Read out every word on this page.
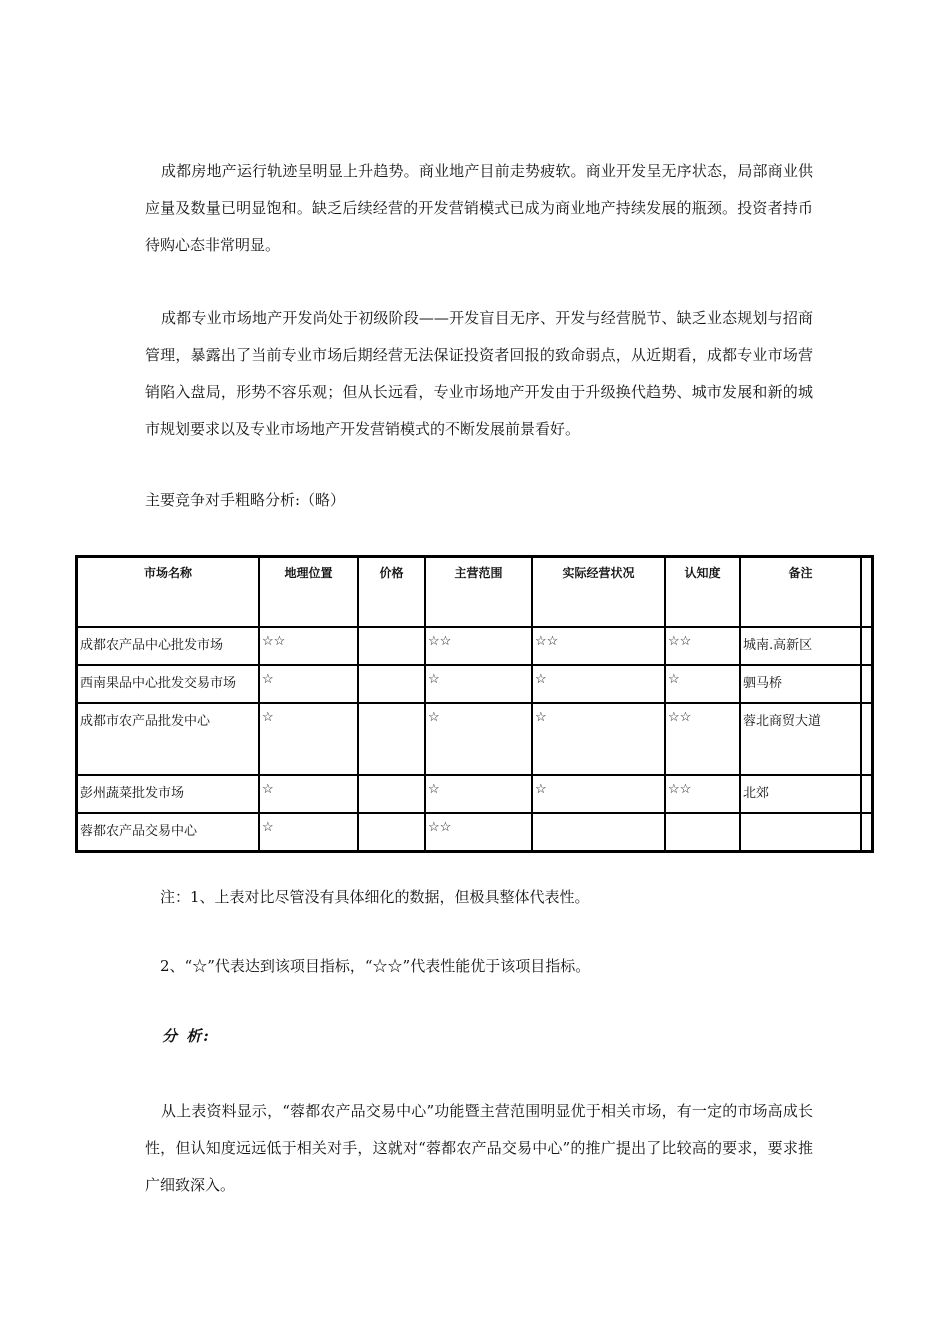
成都房地产运行轨迹呈明显上升趋势。商业地产目前走势疲软。商业开发呈无序状态，局部商业供应量及数量已明显饱和。缺乏后续经营的开发营销模式已成为商业地产持续发展的瓶颈。投资者持币待购心态非常明显。
成都专业市场地产开发尚处于初级阶段——开发盲目无序、开发与经营脱节、缺乏业态规划与招商管理，暴露出了当前专业市场后期经营无法保证投资者回报的致命弱点，从近期看，成都专业市场营销陷入盘局，形势不容乐观；但从长远看，专业市场地产开发由于升级换代趋势、城市发展和新的城市规划要求以及专业市场地产开发营销模式的不断发展前景看好。
主要竞争对手粗略分析:（略）
市场名称	地理位置	价格	主营范围	实际经营状况	认知度	备注	
成都农产品中心批发市场	☆☆		☆☆	☆☆	☆☆	城南.高新区	
西南果品中心批发交易市场	☆		☆	☆	☆	驷马桥	
成都市农产品批发中心	☆		☆	☆	☆☆	蓉北商贸大道	
彭州蔬菜批发市场	☆		☆	☆	☆☆	北郊	
蓉都农产品交易中心	☆		☆☆				
注：1、上表对比尽管没有具体细化的数据，但极具整体代表性。
2、“☆”代表达到该项目指标，“☆☆”代表性能优于该项目指标。
分 析:
从上表资料显示，“蓉都农产品交易中心”功能暨主营范围明显优于相关市场，有一定的市场高成长性，但认知度远远低于相关对手，这就对“蓉都农产品交易中心”的推广提出了比较高的要求，要求推广细致深入。
